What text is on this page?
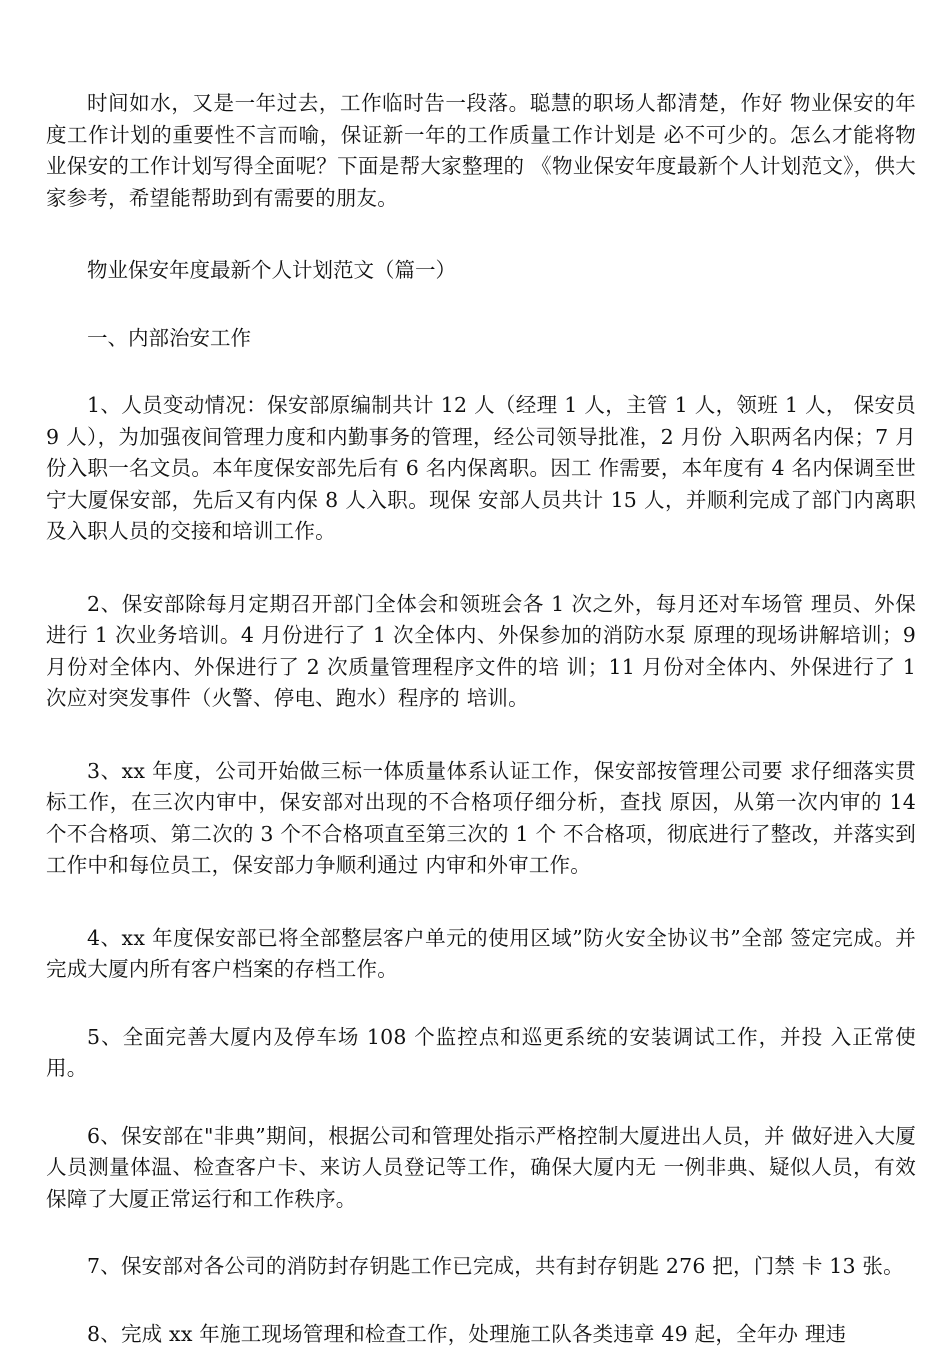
时间如水，又是一年过去，工作临时告一段落。聪慧的职场人都清楚，作好 物业保安的年度工作计划的重要性不言而喻，保证新一年的工作质量工作计划是 必不可少的。怎么才能将物业保安的工作计划写得全面呢？下面是帮大家整理的 《物业保安年度最新个人计划范文》，供大家参考，希望能帮助到有需要的朋友。

物业保安年度最新个人计划范文（篇一）

一、内部治安工作

1、人员变动情况：保安部原编制共计 12 人（经理 1 人，主管 1 人，领班 1 人， 保安员 9 人），为加强夜间管理力度和内勤事务的管理，经公司领导批准，2 月份 入职两名内保；7 月份入职一名文员。本年度保安部先后有 6 名内保离职。因工 作需要，本年度有 4 名内保调至世宁大厦保安部，先后又有内保 8 人入职。现保 安部人员共计 15 人，并顺利完成了部门内离职及入职人员的交接和培训工作。

2、保安部除每月定期召开部门全体会和领班会各 1 次之外，每月还对车场管 理员、外保进行 1 次业务培训。4 月份进行了 1 次全体内、外保参加的消防水泵 原理的现场讲解培训；9 月份对全体内、外保进行了 2 次质量管理程序文件的培 训；11 月份对全体内、外保进行了 1 次应对突发事件（火警、停电、跑水）程序的 培训。

3、xx 年度，公司开始做三标一体质量体系认证工作，保安部按管理公司要 求仔细落实贯标工作，在三次内审中，保安部对出现的不合格项仔细分析，查找 原因，从第一次内审的 14 个不合格项、第二次的 3 个不合格项直至第三次的 1 个 不合格项，彻底进行了整改，并落实到工作中和每位员工，保安部力争顺利通过 内审和外审工作。

4、xx 年度保安部已将全部整层客户单元的使用区域”防火安全协议书”全部 签定完成。并完成大厦内所有客户档案的存档工作。

5、全面完善大厦内及停车场 108 个监控点和巡更系统的安装调试工作，并投 入正常使用。

6、保安部在"非典”期间，根据公司和管理处指示严格控制大厦进出人员，并 做好进入大厦人员测量体温、检查客户卡、来访人员登记等工作，确保大厦内无 一例非典、疑似人员，有效保障了大厦正常运行和工作秩序。

7、保安部对各公司的消防封存钥匙工作已完成，共有封存钥匙 276 把，门禁 卡 13 张。

8、完成 xx 年施工现场管理和检查工作，处理施工队各类违章 49 起，全年办 理违
